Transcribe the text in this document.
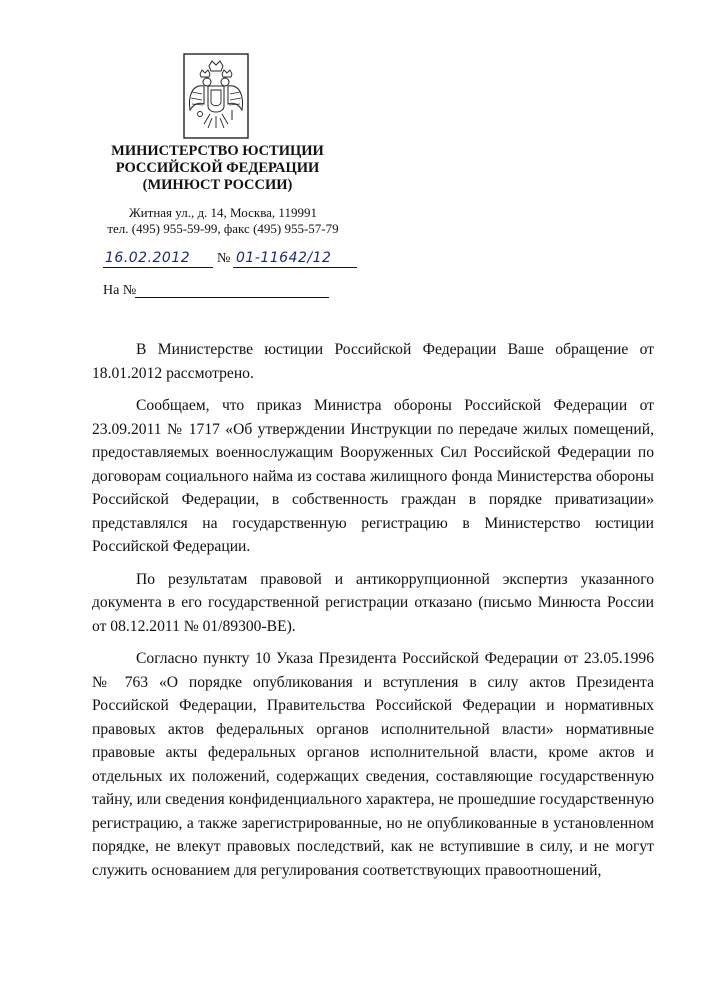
МИНИСТЕРСТВО ЮСТИЦИИ
РОССИЙСКОЙ ФЕДЕРАЦИИ
(МИНЮСТ РОССИИ)
Житная ул., д. 14, Москва, 119991
тел. (495) 955-59-99, факс (495) 955-57-79
16.02.2012 № 01-11642/12
На №

В Министерстве юстиции Российской Федерации Ваше обращение от 18.01.2012 рассмотрено.

Сообщаем, что приказ Министра обороны Российской Федерации от 23.09.2011 № 1717 «Об утверждении Инструкции по передаче жилых помещений, предоставляемых военнослужащим Вооруженных Сил Российской Федерации по договорам социального найма из состава жилищного фонда Министерства обороны Российской Федерации, в собственность граждан в порядке приватизации» представлялся на государственную регистрацию в Министерство юстиции Российской Федерации.

По результатам правовой и антикоррупционной экспертиз указанного документа в его государственной регистрации отказано (письмо Минюста России от 08.12.2011 № 01/89300-ВЕ).

Согласно пункту 10 Указа Президента Российской Федерации от 23.05.1996 № 763 «О порядке опубликования и вступления в силу актов Президента Российской Федерации, Правительства Российской Федерации и нормативных правовых актов федеральных органов исполнительной власти» нормативные правовые акты федеральных органов исполнительной власти, кроме актов и отдельных их положений, содержащих сведения, составляющие государственную тайну, или сведения конфиденциального характера, не прошедшие государственную регистрацию, а также зарегистрированные, но не опубликованные в установленном порядке, не влекут правовых последствий, как не вступившие в силу, и не могут служить основанием для регулирования соответствующих правоотношений,
